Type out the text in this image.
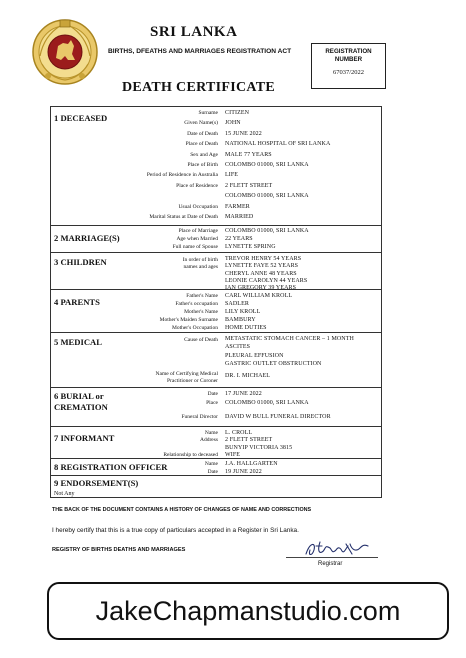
SRI LANKA
BIRTHS, DFEATHS AND MARRIAGES REGISTRATION ACT	REGISTRATION
NUMBER
67037/2022
DEATH CERTIFICATE
1 DECEASED	Surname CITIZEN
Given Name(s) JOHN
Date of Death 15 JUNE 2022
Place of Death NATIONAL HOSPITAL OF SRI LANKA
Sex and Age MALE 77 YEARS
Place of Birth COLOMBO 01000, SRI LANKA
Period of Residence in Australia LIFE
Place of Residence 2 FLETT STREET
COLOMBO 01000, SRI LANKA
Usual Occupation FARMER
Marital Status at Date of Death MARRIED
2 MARRIAGE(S)
Place of Marriage COLOMBO 01000, SRI LANKA
Age when Married 22 YEARS
Full name of Spouse LYNETTE SPRING
3 CHILDREN	In order of birth
names and ages
TREVOR HENRY 54 YEARS
LYNETTE FAYE 52 YEARS
CHERYL ANNE 48 YEARS
LEONIE CAROLYN 44 YEARS
IAN GREGORY 39 YEARS
4 PARENTS
Father's Name CARL WILLIAM KROLL
Father's occupation SADLER
Mother's Name LILY KROLL
Mother's Maiden Surname BAMBURY
Mother's Occupation HOME DUTIES
5 MEDICAL	Cause of Death METASTATIC STOMACH CANCER – 1 MONTH
ASCITES
PLEURAL EFFUSION
GASTRIC OUTLET OBSTRUCTION
Name of Certifying Medical
Practitioner or Coroner
DR. I. MICHAEL
6 BURIAL or
CREMATION
Date 17 JUNE 2022
Place COLOMBO 01000, SRI LANKA
Funeral Director DAVID W BULL FUNERAL DIRECTOR
7 INFORMANT	Name L. CROLL
Address 2 FLETT STREET
BUNYIP VICTORIA 3815
Relationship to deceased WIFE
8 REGISTRATION OFFICER	Name J.A. HALLGARTEN
Date 19 JUNE 2022
9 ENDORSEMENT(S)
Not Any
THE BACK OF THE DOCUMENT CONTAINS A HISTORY OF CHANGES OF NAME AND CORRECTIONS
I hereby certify that this is a true copy of particulars accepted in a Register in Sri Lanka.
REGISTRY OF BIRTHS DEATHS AND MARRIAGES
Registrar
JakeChapmanstudio.com
